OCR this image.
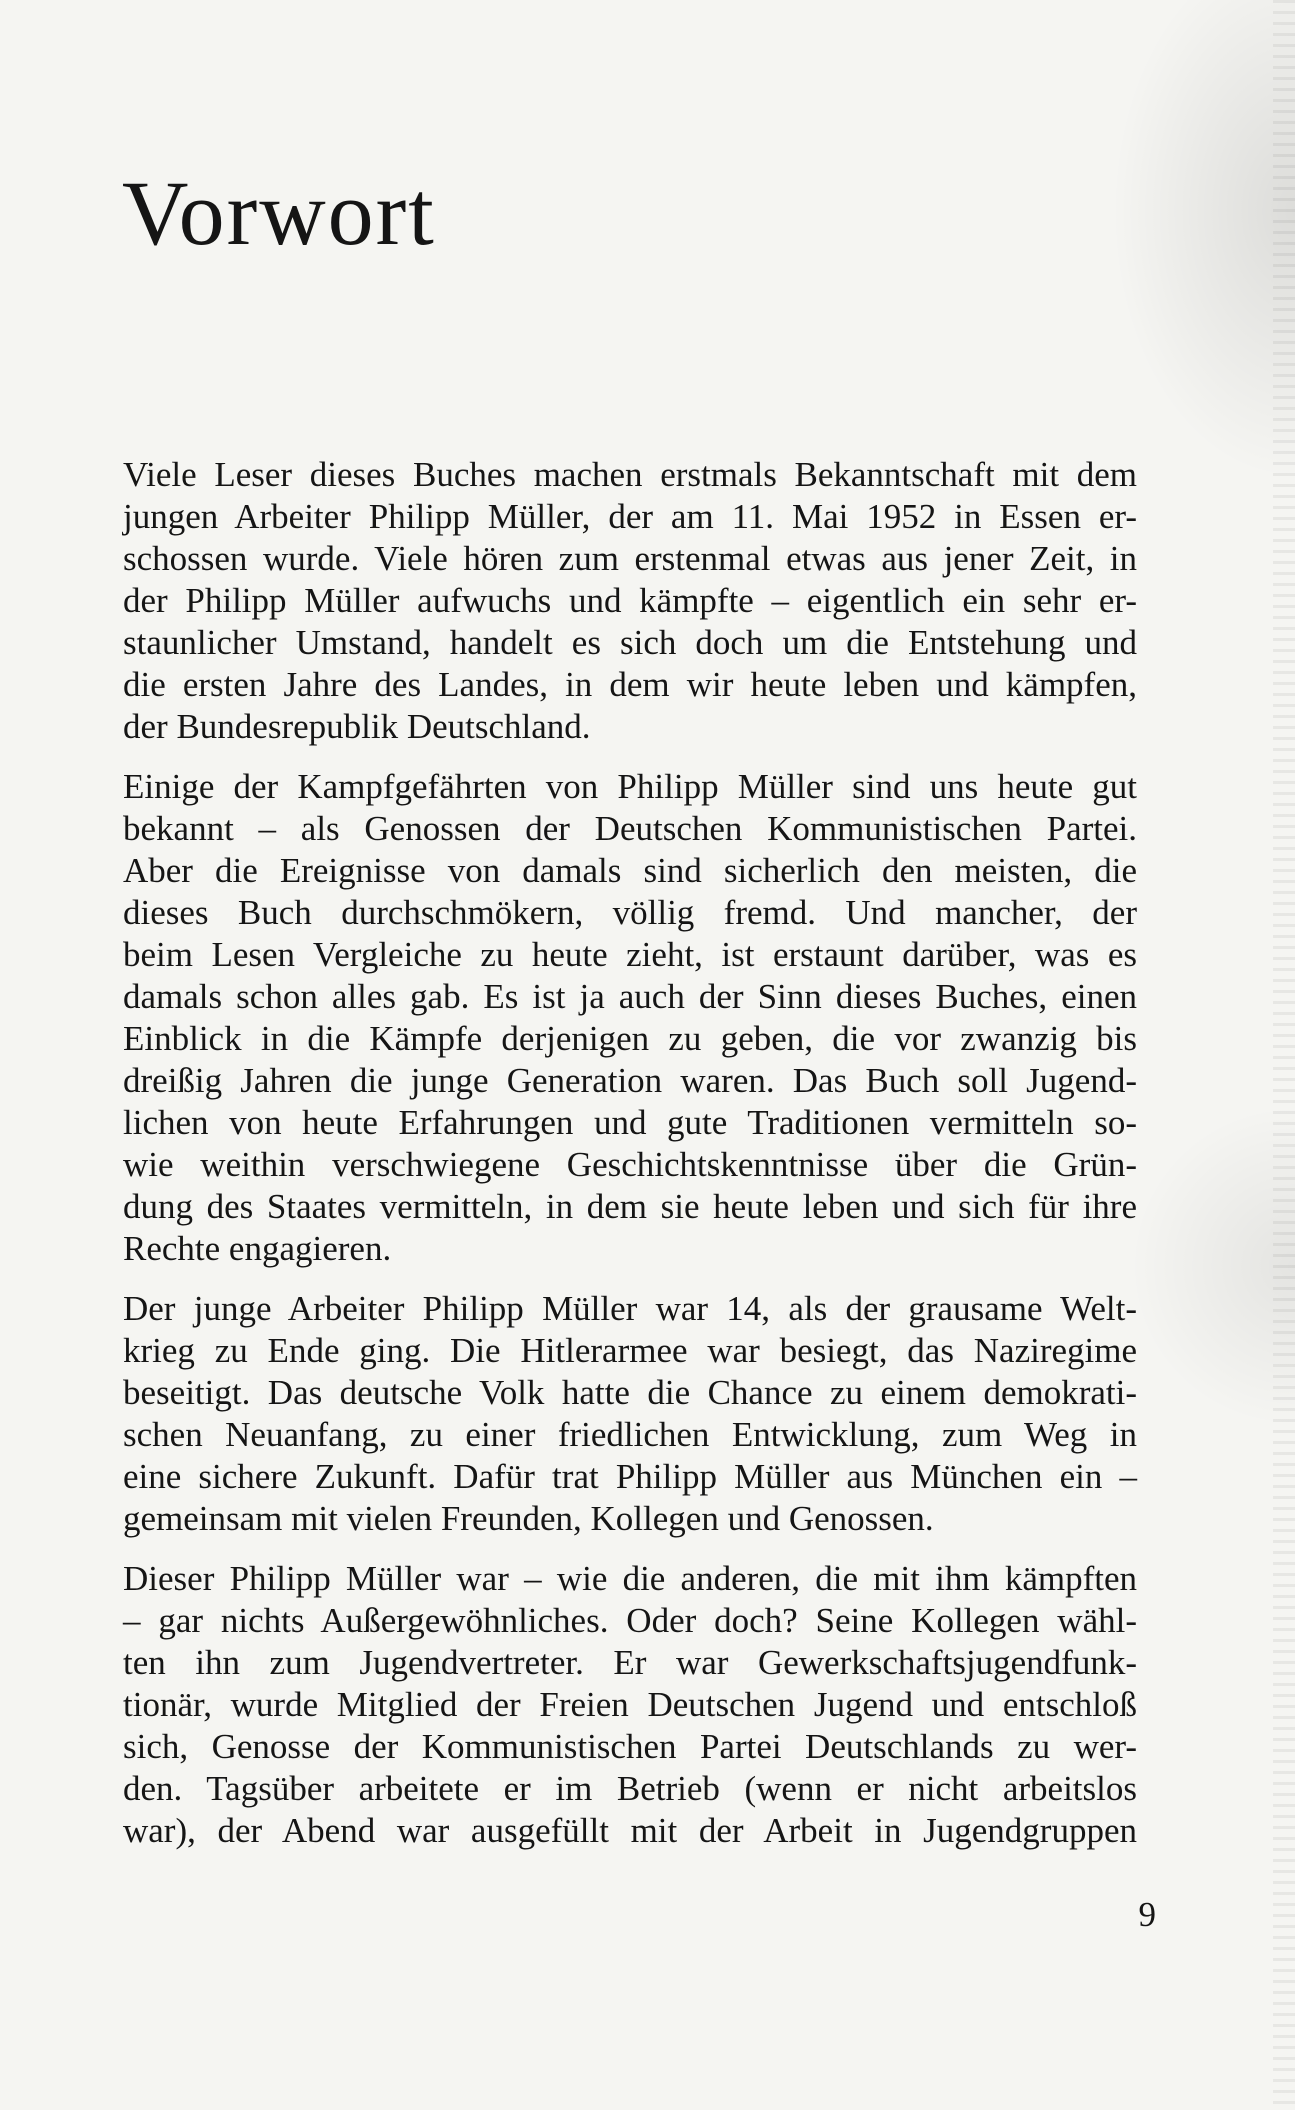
Vorwort

Viele Leser dieses Buches machen erstmals Bekanntschaft mit dem
jungen Arbeiter Philipp Müller, der am 11. Mai 1952 in Essen er-
schossen wurde. Viele hören zum erstenmal etwas aus jener Zeit, in
der Philipp Müller aufwuchs und kämpfte – eigentlich ein sehr er-
staunlicher Umstand, handelt es sich doch um die Entstehung und
die ersten Jahre des Landes, in dem wir heute leben und kämpfen,
der Bundesrepublik Deutschland.

Einige der Kampfgefährten von Philipp Müller sind uns heute gut
bekannt – als Genossen der Deutschen Kommunistischen Partei.
Aber die Ereignisse von damals sind sicherlich den meisten, die
dieses Buch durchschmökern, völlig fremd. Und mancher, der
beim Lesen Vergleiche zu heute zieht, ist erstaunt darüber, was es
damals schon alles gab. Es ist ja auch der Sinn dieses Buches, einen
Einblick in die Kämpfe derjenigen zu geben, die vor zwanzig bis
dreißig Jahren die junge Generation waren. Das Buch soll Jugend-
lichen von heute Erfahrungen und gute Traditionen vermitteln so-
wie weithin verschwiegene Geschichtskenntnisse über die Grün-
dung des Staates vermitteln, in dem sie heute leben und sich für ihre
Rechte engagieren.

Der junge Arbeiter Philipp Müller war 14, als der grausame Welt-
krieg zu Ende ging. Die Hitlerarmee war besiegt, das Naziregime
beseitigt. Das deutsche Volk hatte die Chance zu einem demokrati-
schen Neuanfang, zu einer friedlichen Entwicklung, zum Weg in
eine sichere Zukunft. Dafür trat Philipp Müller aus München ein –
gemeinsam mit vielen Freunden, Kollegen und Genossen.

Dieser Philipp Müller war – wie die anderen, die mit ihm kämpften
– gar nichts Außergewöhnliches. Oder doch? Seine Kollegen wähl-
ten ihn zum Jugendvertreter. Er war Gewerkschaftsjugendfunk-
tionär, wurde Mitglied der Freien Deutschen Jugend und entschloß
sich, Genosse der Kommunistischen Partei Deutschlands zu wer-
den. Tagsüber arbeitete er im Betrieb (wenn er nicht arbeitslos
war), der Abend war ausgefüllt mit der Arbeit in Jugendgruppen

9
